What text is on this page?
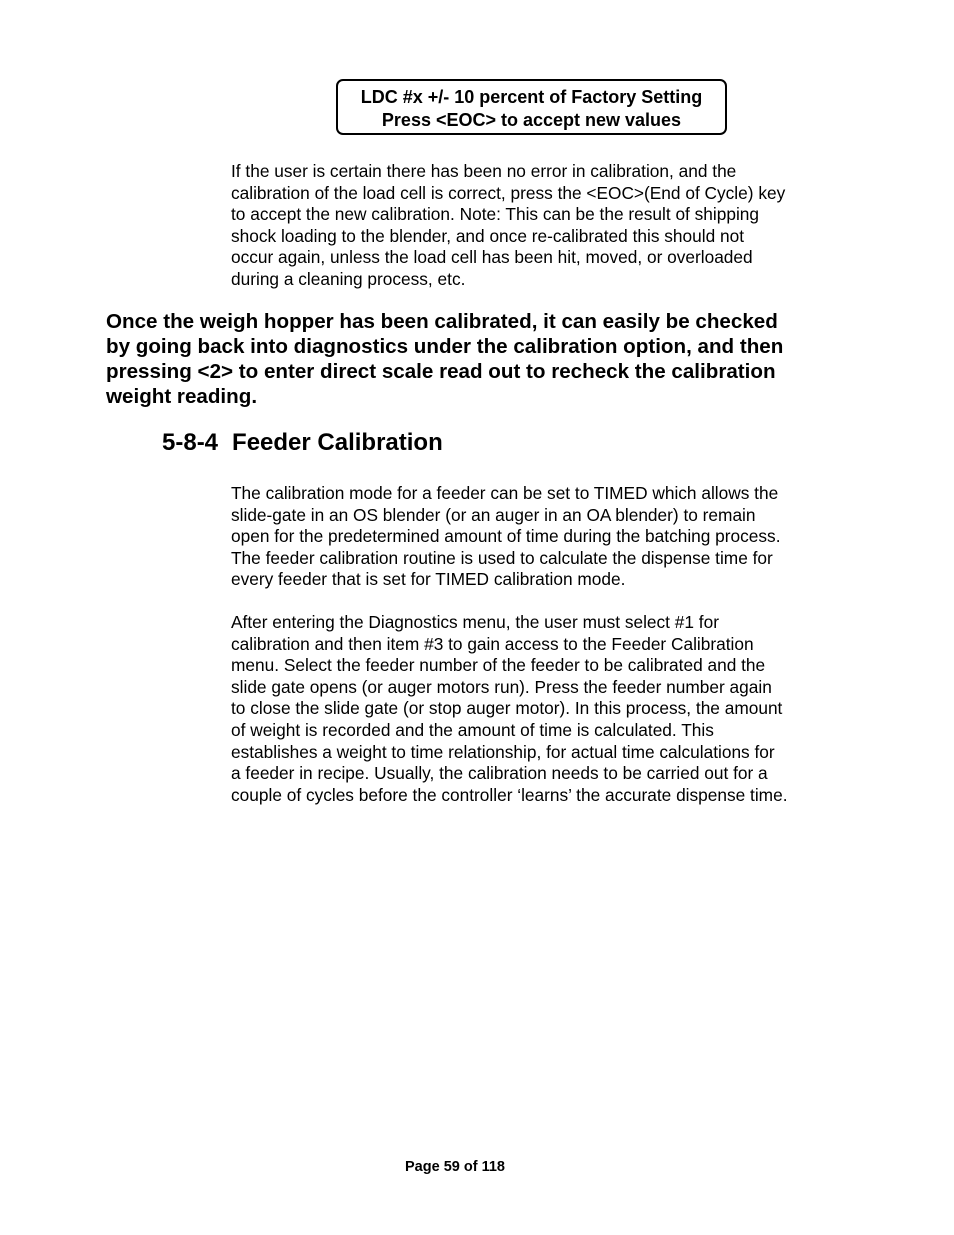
LDC #x +/- 10 percent of Factory Setting
Press <EOC> to accept new values

If the user is certain there has been no error in calibration, and the
calibration of the load cell is correct, press the <EOC>(End of Cycle) key
to accept the new calibration. Note: This can be the result of shipping
shock loading to the blender, and once re-calibrated this should not
occur again, unless the load cell has been hit, moved, or overloaded
during a cleaning process, etc.

Once the weigh hopper has been calibrated, it can easily be checked
by going back into diagnostics under the calibration option, and then
pressing <2> to enter direct scale read out to recheck the calibration
weight reading.

5-8-4 Feeder Calibration

The calibration mode for a feeder can be set to TIMED which allows the
slide-gate in an OS blender (or an auger in an OA blender) to remain
open for the predetermined amount of time during the batching process.
The feeder calibration routine is used to calculate the dispense time for
every feeder that is set for TIMED calibration mode.

After entering the Diagnostics menu, the user must select #1 for
calibration and then item #3 to gain access to the Feeder Calibration
menu. Select the feeder number of the feeder to be calibrated and the
slide gate opens (or auger motors run). Press the feeder number again
to close the slide gate (or stop auger motor). In this process, the amount
of weight is recorded and the amount of time is calculated. This
establishes a weight to time relationship, for actual time calculations for
a feeder in recipe. Usually, the calibration needs to be carried out for a
couple of cycles before the controller ‘learns’ the accurate dispense time.

Page 59 of 118
